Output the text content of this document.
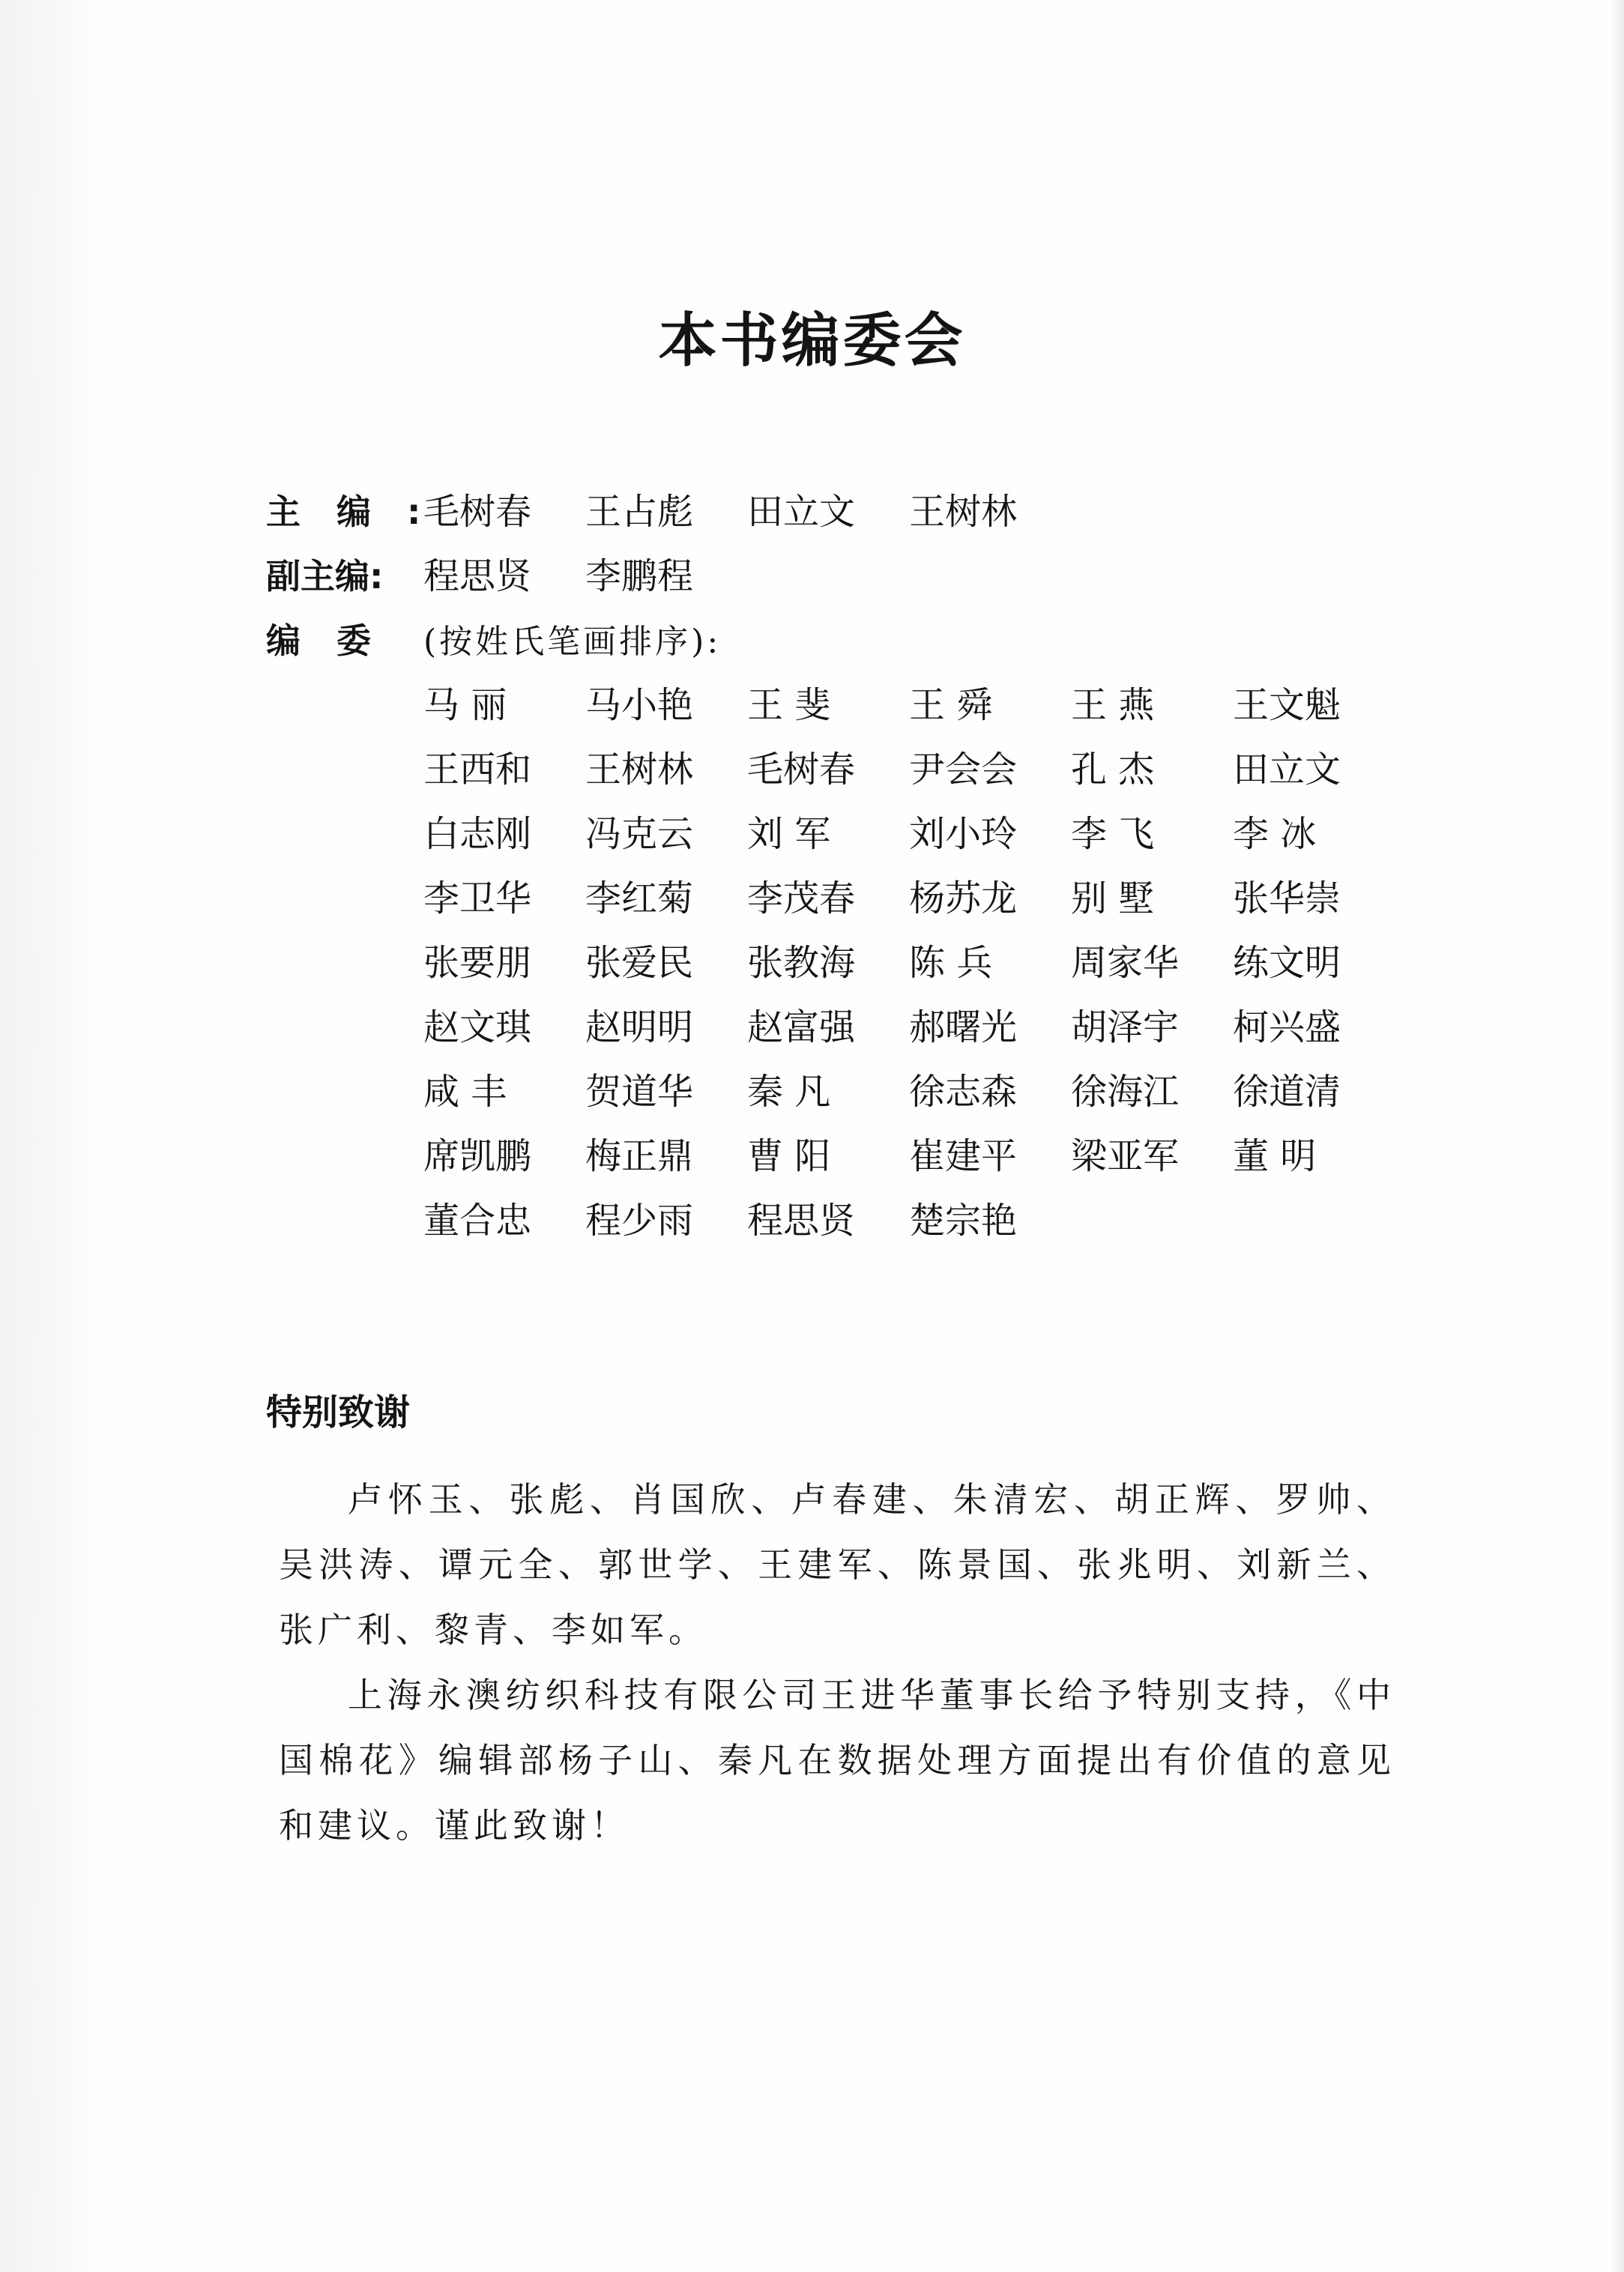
本书编委会
主编: 毛树春	王占彪	田立文	王树林
副主编:	程思贤	李鹏程
编委 (按姓氏笔画排序):
马 丽	马小艳	王 斐	王 舜	王 燕	王文魁
王西和	王树林	毛树春	尹会会	孔 杰	田立文
白志刚	冯克云	刘 军	刘小玲	李 飞	李 冰
李卫华	李红菊	李茂春	杨苏龙	别 墅	张华崇
张要朋	张爱民	张教海	陈 兵	周家华	练文明
赵文琪	赵明明	赵富强	郝曙光	胡泽宇	柯兴盛
咸 丰	贺道华	秦 凡	徐志森	徐海江	徐道清
席凯鹏	梅正鼎	曹 阳	崔建平	梁亚军	董 明
董合忠	程少雨	程思贤	楚宗艳
特别致谢

卢怀玉、张彪、肖国欣、卢春建、朱清宏、胡正辉、罗帅、吴洪涛、谭元全、郭世学、王建军、陈景国、张兆明、刘新兰、张广利、黎青、李如军。

上海永澳纺织科技有限公司王进华董事长给予特别支持，《中国棉花》编辑部杨子山、秦凡在数据处理方面提出有价值的意见和建议。谨此致谢！
